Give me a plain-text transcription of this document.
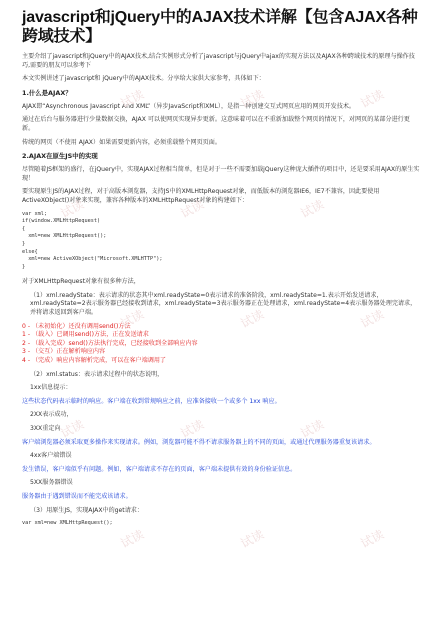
javascript和jQuery中的AJAX技术详解【包含AJAX各种跨域技术】

主要介绍了javascript和jQuery中的AJAX技术,结合实例形式分析了javascript与jQuery中ajax的实现方法以及AJAX各种跨域技术的原理与操作技巧,需要的朋友可以参考下

本文实例讲述了javascript和 jQuery中的AJAX技术。分享给大家供大家参考，具体如下：

1.什么是AJAX？

AJAX即“Asynchronous Javascript And XML”（异步JavaScript和XML），是指一种创建交互式网页应用的网页开发技术。

通过在后台与服务器进行少量数据交换，AJAX 可以使网页实现异步更新。这意味着可以在不重新加载整个网页的情况下，对网页的某部分进行更新。

传统的网页（不使用 AJAX）如果需要更新内容，必须重载整个网页页面。

2.AJAX在原生JS中的实现

尽管随着JS框架的盛行，在jQuery中，实现AJAX过程相当简单，但是对于一些不需要加载jQuery这种庞大插件的项目中，还是要采用AJAX的原生实现！

要实现原生JS的AJAX过程，对于高版本浏览器，支持JS中的XMLHttpRequest对象，而低版本的浏览器IE6，IE7不兼容，因此要使用ActiveXObject()对象来实现，兼容各种版本的XMLHttpRequest对象的构建如下：

var xml;

if(window.XMLHttpRequest)

{

xml=new XMLHttpRequest();

}

else{

xml=new ActiveXObject("Microsoft.XMLHTTP");

}

对于XMLHttpRequest对象有很多种方法，

（1）xml.readyState：表示请求的状态其中xml.readyState=0表示请求的准备阶段，xml.readyState=1.表示开始发送请求，xml.readyState=2表示服务器已经接收到请求，xml.readyState=3表示服务器正在处理请求，xml.readyState=4表示服务器处理完请求，并将请求返回到客户端。

0 - （未初始化）还没有调用send()方法

1 - （载入）已调用send()方法，正在发送请求

2 - （载入完成）send()方法执行完成，已经接收到全部响应内容

3 - （交互）正在解析响应内容

4 - （完成）响应内容解析完成，可以在客户端调用了

（2）xml.status：表示请求过程中的状态说明，

1xx信息提示：

这些状态代码表示临时的响应。客户端在收到常规响应之前，应准备接收一个或多个 1xx 响应。

2XX表示成功，

3XX重定向

客户端浏览器必须采取更多操作来实现请求。例如，浏览器可能不得不请求服务器上的不同的页面，或通过代理服务器重复该请求。

4xx客户端错误

发生错误，客户端似乎有问题。例如，客户端请求不存在的页面，客户端未提供有效的身份验证信息。

5XX服务器错误

服务器由于遇到错误而不能完成该请求。

（3）用原生JS，实现AJAX中的get请求：

var xml=new XMLHttpRequest();

试读	试读	试读
试读	试读	试读
试读	试读	试读
试读	试读	试读
试读	试读	试读
